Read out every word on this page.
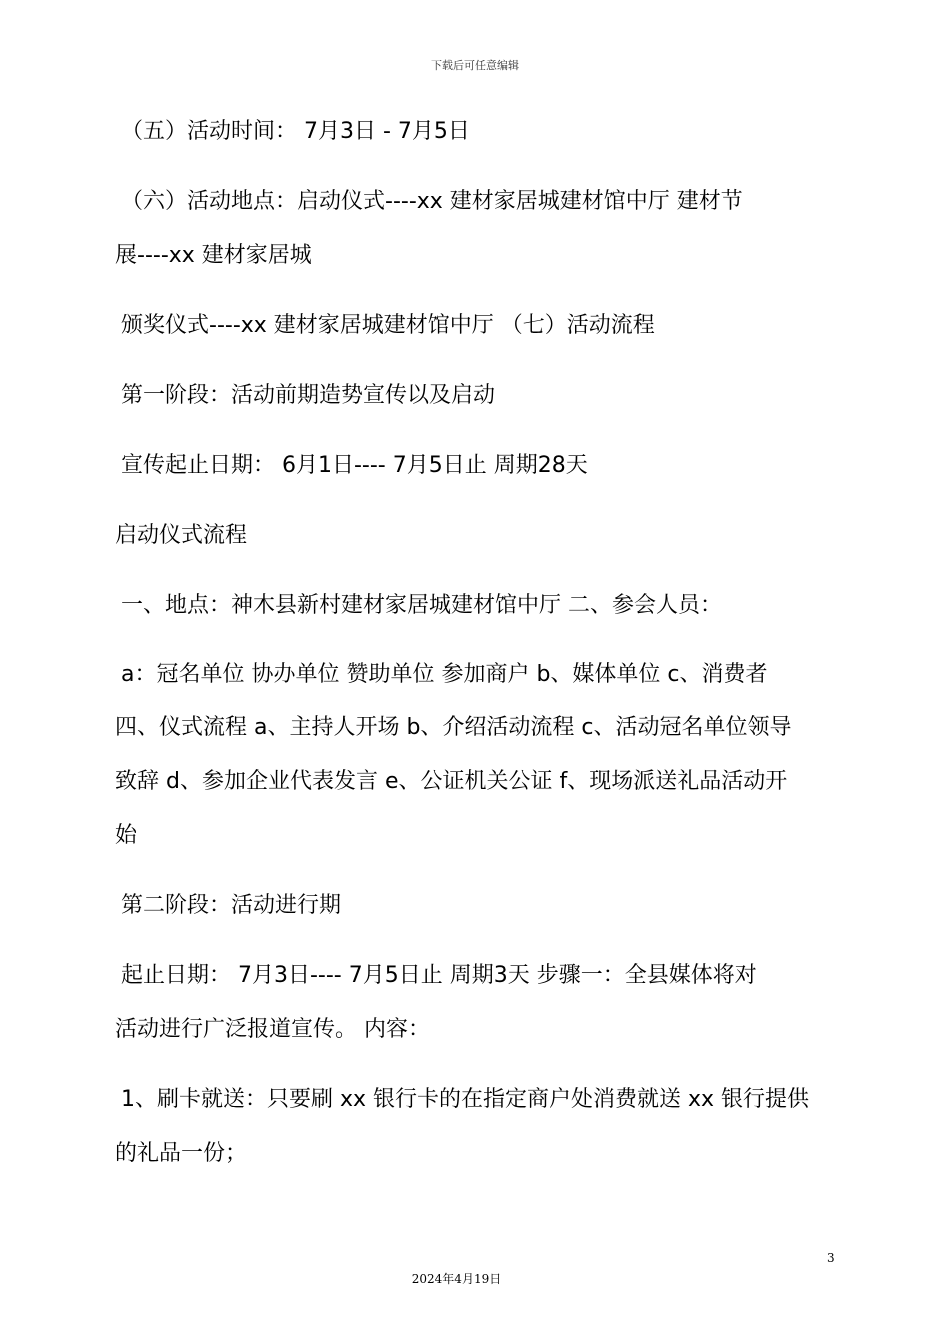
下载后可任意编辑
（五）活动时间： 7月3日 - 7月5日
（六）活动地点：启动仪式----xx 建材家居城建材馆中厅 建材节
展----xx 建材家居城
颁奖仪式----xx 建材家居城建材馆中厅 （七）活动流程
第一阶段：活动前期造势宣传以及启动
宣传起止日期： 6月1日---- 7月5日止 周期28天
启动仪式流程
一、地点：神木县新村建材家居城建材馆中厅 二、参会人员：
a：冠名单位 协办单位 赞助单位 参加商户 b、媒体单位 c、消费者
四、仪式流程 a、主持人开场 b、介绍活动流程 c、活动冠名单位领导
致辞 d、参加企业代表发言 e、公证机关公证 f、现场派送礼品活动开
始
第二阶段：活动进行期
起止日期： 7月3日---- 7月5日止 周期3天 步骤一：全县媒体将对
活动进行广泛报道宣传。 内容：
1、刷卡就送：只要刷 xx 银行卡的在指定商户处消费就送 xx 银行提供
的礼品一份；
3
2024年4月19日
